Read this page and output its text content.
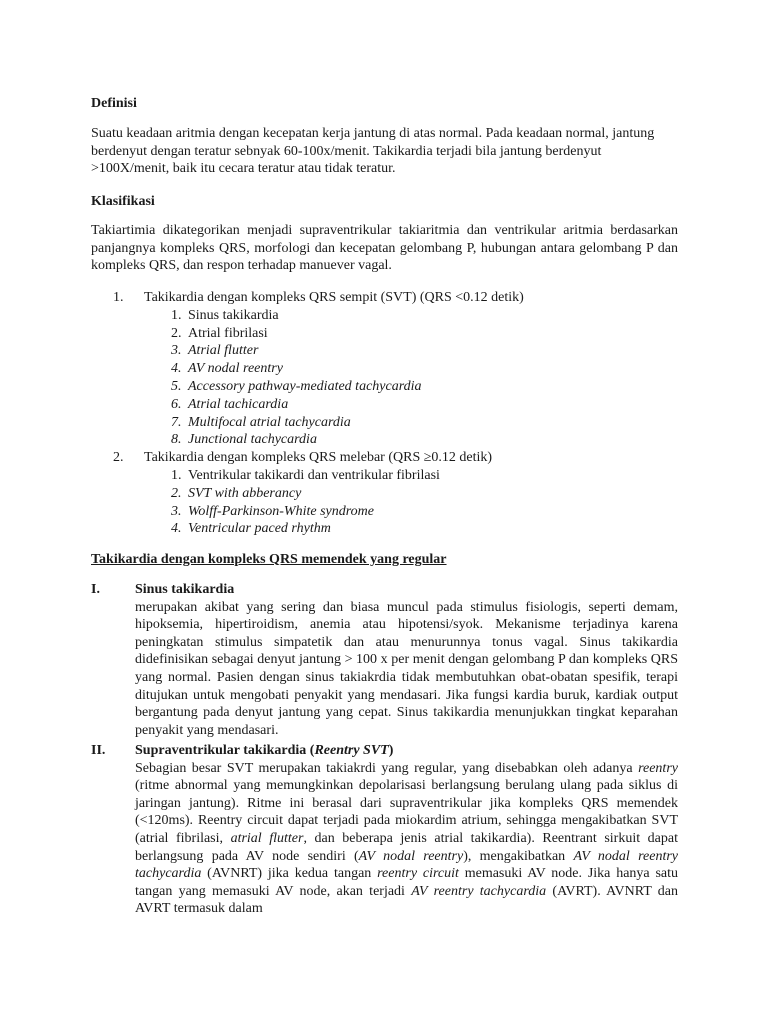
Definisi
Suatu keadaan aritmia dengan kecepatan kerja jantung di atas normal. Pada keadaan normal, jantung berdenyut dengan teratur sebnyak 60-100x/menit. Takikardia terjadi bila jantung berdenyut >100X/menit, baik itu cecara teratur atau tidak teratur.
Klasifikasi
Takiartimia dikategorikan menjadi supraventrikular takiaritmia dan ventrikular aritmia berdasarkan panjangnya kompleks QRS, morfologi dan kecepatan gelombang P, hubungan antara gelombang P dan kompleks QRS, dan respon terhadap manuever vagal.
1.	Takikardia dengan kompleks QRS sempit (SVT) (QRS <0.12 detik)
1. Sinus takikardia
2. Atrial fibrilasi
3. Atrial flutter
4. AV nodal reentry
5. Accessory pathway-mediated tachycardia
6. Atrial tachicardia
7. Multifocal atrial tachycardia
8. Junctional tachycardia
2.	Takikardia dengan kompleks QRS melebar (QRS ≥0.12 detik)
1. Ventrikular takikardi dan ventrikular fibrilasi
2. SVT with abberancy
3. Wolff-Parkinson-White syndrome
4. Ventricular paced rhythm
Takikardia dengan kompleks QRS memendek yang regular
I.	Sinus takikardia
merupakan akibat yang sering dan biasa muncul pada stimulus fisiologis, seperti demam, hipoksemia, hipertiroidism, anemia atau hipotensi/syok. Mekanisme terjadinya karena peningkatan stimulus simpatetik dan atau menurunnya tonus vagal. Sinus takikardia didefinisikan sebagai denyut jantung > 100 x per menit dengan gelombang P dan kompleks QRS yang normal. Pasien dengan sinus takiakrdia tidak membutuhkan obat-obatan spesifik, terapi ditujukan untuk mengobati penyakit yang mendasari. Jika fungsi kardia buruk, kardiak output bergantung pada denyut jantung yang cepat. Sinus takikardia menunjukkan tingkat keparahan penyakit yang mendasari.
II.	Supraventrikular takikardia (Reentry SVT)
Sebagian besar SVT merupakan takiakrdi yang regular, yang disebabkan oleh adanya reentry (ritme abnormal yang memungkinkan depolarisasi berlangsung berulang ulang pada siklus di jaringan jantung). Ritme ini berasal dari supraventrikular jika kompleks QRS memendek (<120ms). Reentry circuit dapat terjadi pada miokardim atrium, sehingga mengakibatkan SVT (atrial fibrilasi, atrial flutter, dan beberapa jenis atrial takikardia). Reentrant sirkuit dapat berlangsung pada AV node sendiri (AV nodal reentry), mengakibatkan AV nodal reentry tachycardia (AVNRT) jika kedua tangan reentry circuit memasuki AV node. Jika hanya satu tangan yang memasuki AV node, akan terjadi AV reentry tachycardia (AVRT). AVNRT dan AVRT termasuk dalam
